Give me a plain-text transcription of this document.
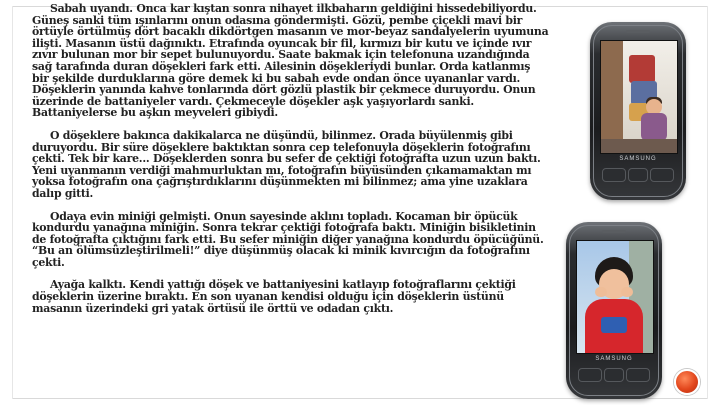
Sabah uyandı. Onca kar kıştan sonra nihayet ilkbaharın geldiğini hissedebiliyordu. Güneş sanki tüm ışınlarını onun odasına göndermişti. Gözü, pembe çiçekli mavi bir örtüyle örtülmüş dört bacaklı dikdörtgen masanın ve mor-beyaz sandalyelerin uyumuna ilişti. Masanın üstü dağınıktı. Etrafında oyuncak bir fil, kırmızı bir kutu ve içinde ıvır zıvır bulunan mor bir sepet bulunuyordu. Saate bakmak için telefonuna uzandığında sağ tarafında duran döşekleri fark etti. Ailesinin döşekleriydi bunlar. Orda katlanmış bir şekilde durduklarına göre demek ki bu sabah evde ondan önce uyananlar vardı. Döşeklerin yanında kahve tonlarında dört gözlü plastik bir çekmece duruyordu. Onun üzerinde de battaniyeler vardı. Çekmeceyle döşekler aşk yaşıyorlardı sanki. Battaniyelerse bu aşkın meyveleri gibiydi.

O döşeklere bakınca dakikalarca ne düşündü, bilinmez. Orada büyülenmiş gibi duruyordu. Bir süre döşeklere baktıktan sonra cep telefonuyla döşeklerin fotoğrafını çekti. Tek bir kare... Döşeklerden sonra bu sefer de çektiği fotoğrafta uzun uzun baktı. Yeni uyanmanın verdiği mahmurluktan mı, fotoğrafın büyüsünden çıkamamaktan mı yoksa fotoğrafın ona çağrıştırdıklarını düşünmekten mi bilinmez; ama yine uzaklara dalıp gitti.

Odaya evin miniği gelmişti. Onun sayesinde aklını topladı. Kocaman bir öpücük kondurdu yanağına miniğin. Sonra tekrar çektiği fotoğrafa baktı. Miniğin bisikletinin de fotoğrafta çıktığını fark etti. Bu sefer miniğin diğer yanağına kondurdu öpücüğünü. “Bu an ölümsüzleştirilmeli!” diye düşünmüş olacak ki minik kıvırcığın da fotoğrafını çekti.

Ayağa kalktı. Kendi yattığı döşek ve battaniyesini katlayıp fotoğraflarını çektiği döşeklerin üzerine bıraktı. En son uyanan kendisi olduğu için döşeklerin üstünü masanın üzerindeki gri yatak örtüsü ile örttü ve odadan çıktı.

SAMSUNG
SAMSUNG
